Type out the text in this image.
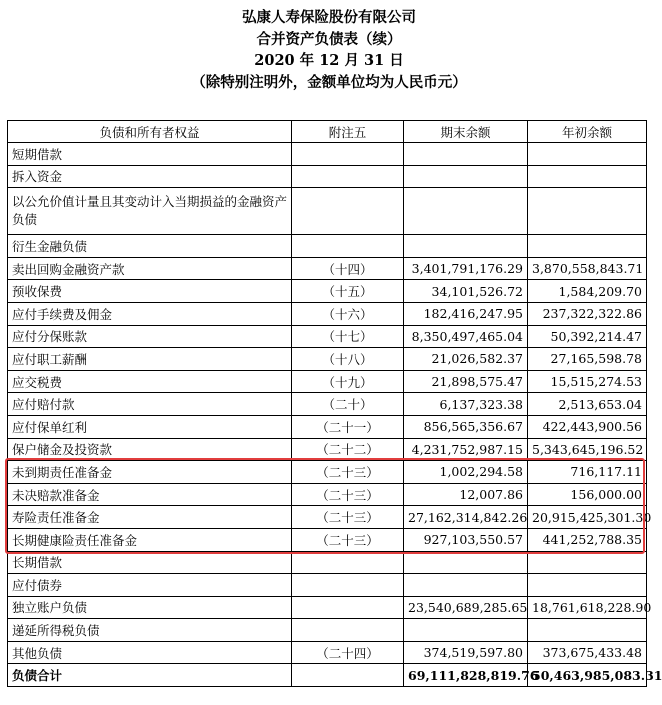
弘康人寿保险股份有限公司
合并资产负债表（续）
2020 年 12 月 31 日
（除特别注明外，金额单位均为人民币元）
负债和所有者权益	附注五	期末余额	年初余额
短期借款			
拆入资金			
以公允价值计量且其变动计入当期损益的金融资产负债			
衍生金融负债			
卖出回购金融资产款	（十四）	3,401,791,176.29	3,870,558,843.71
预收保费	（十五）	34,101,526.72	1,584,209.70
应付手续费及佣金	（十六）	182,416,247.95	237,322,322.86
应付分保账款	（十七）	8,350,497,465.04	50,392,214.47
应付职工薪酬	（十八）	21,026,582.37	27,165,598.78
应交税费	（十九）	21,898,575.47	15,515,274.53
应付赔付款	（二十）	6,137,323.38	2,513,653.04
应付保单红利	（二十一）	856,565,356.67	422,443,900.56
保户储金及投资款	（二十二）	4,231,752,987.15	5,343,645,196.52
未到期责任准备金	（二十三）	1,002,294.58	716,117.11
未决赔款准备金	（二十三）	12,007.86	156,000.00
寿险责任准备金	（二十三）	27,162,314,842.26	20,915,425,301.30
长期健康险责任准备金	（二十三）	927,103,550.57	441,252,788.35
长期借款			
应付债券			
独立账户负债		23,540,689,285.65	18,761,618,228.90
递延所得税负债			
其他负债	（二十四）	374,519,597.80	373,675,433.48
负债合计		69,111,828,819.76	50,463,985,083.31
